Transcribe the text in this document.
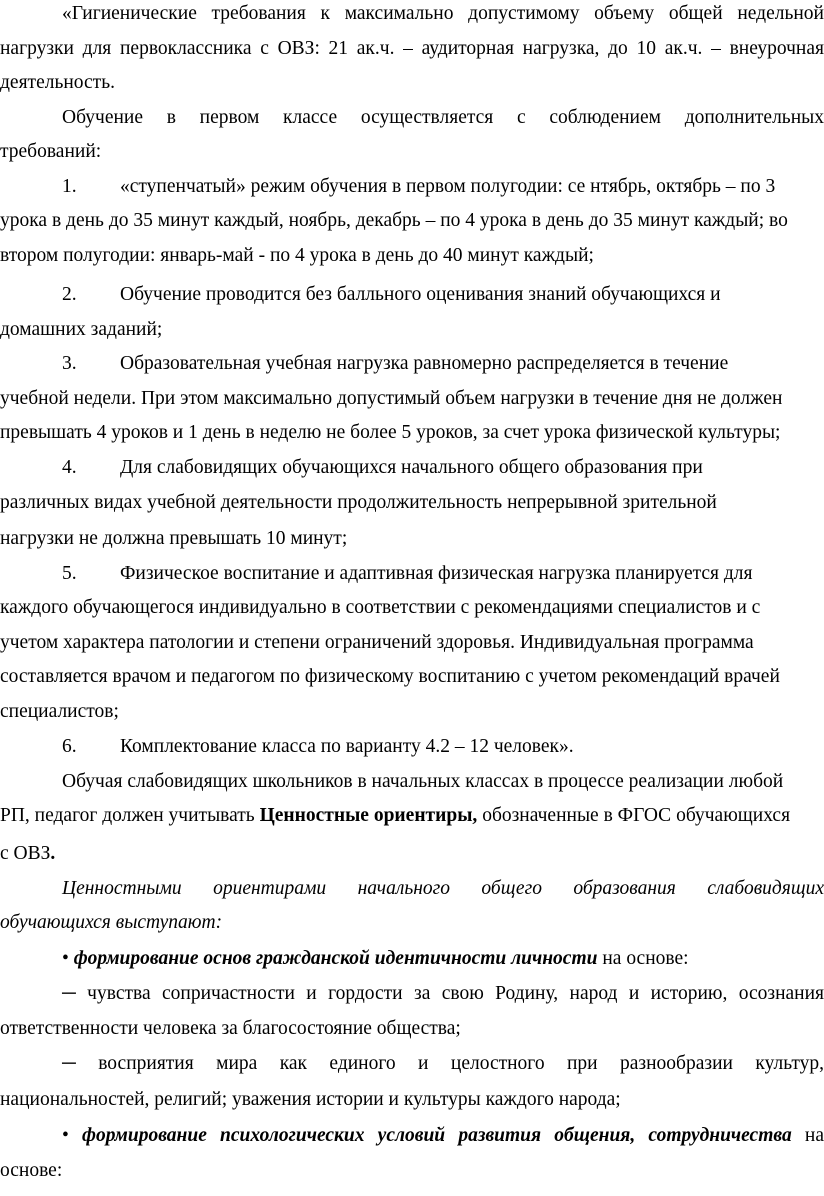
«Гигиенические требования к максимально допустимому объему общей недельной
нагрузки для первоклассника с ОВЗ: 21 ак.ч. – аудиторная нагрузка, до 10 ак.ч. – внеурочная
деятельность.
Обучение в первом классе осуществляется с соблюдением дополнительных
требований:
1. «ступенчатый» режим обучения в первом полугодии: се нтябрь, октябрь – по 3
урока в день до 35 минут каждый, ноябрь, декабрь – по 4 урока в день до 35 минут каждый; во
втором полугодии: январь-май - по 4 урока в день до 40 минут каждый;
2. Обучение проводится без балльного оценивания знаний обучающихся и
домашних заданий;
3. Образовательная учебная нагрузка равномерно распределяется в течение
учебной недели. При этом максимально допустимый объем нагрузки в течение дня не должен
превышать 4 уроков и 1 день в неделю не более 5 уроков, за счет урока физической культуры;
4. Для слабовидящих обучающихся начального общего образования при
различных видах учебной деятельности продолжительность непрерывной зрительной
нагрузки не должна превышать 10 минут;
5. Физическое воспитание и адаптивная физическая нагрузка планируется для
каждого обучающегося индивидуально в соответствии с рекомендациями специалистов и с
учетом характера патологии и степени ограничений здоровья. Индивидуальная программа
составляется врачом и педагогом по физическому воспитанию с учетом рекомендаций врачей
специалистов;
6. Комплектование класса по варианту 4.2 – 12 человек».
Обучая слабовидящих школьников в начальных классах в процессе реализации любой
РП, педагог должен учитывать Ценностные ориентиры, обозначенные в ФГОС обучающихся
с ОВЗ.
Ценностными ориентирами начального общего образования слабовидящих
обучающихся выступают:
• формирование основ гражданской идентичности личности на основе:
─ чувства сопричастности и гордости за свою Родину, народ и историю, осознания
ответственности человека за благосостояние общества;
─ восприятия мира как единого и целостного при разнообразии культур,
национальностей, религий; уважения истории и культуры каждого народа;
• формирование психологических условий развития общения, сотрудничества на
основе:
